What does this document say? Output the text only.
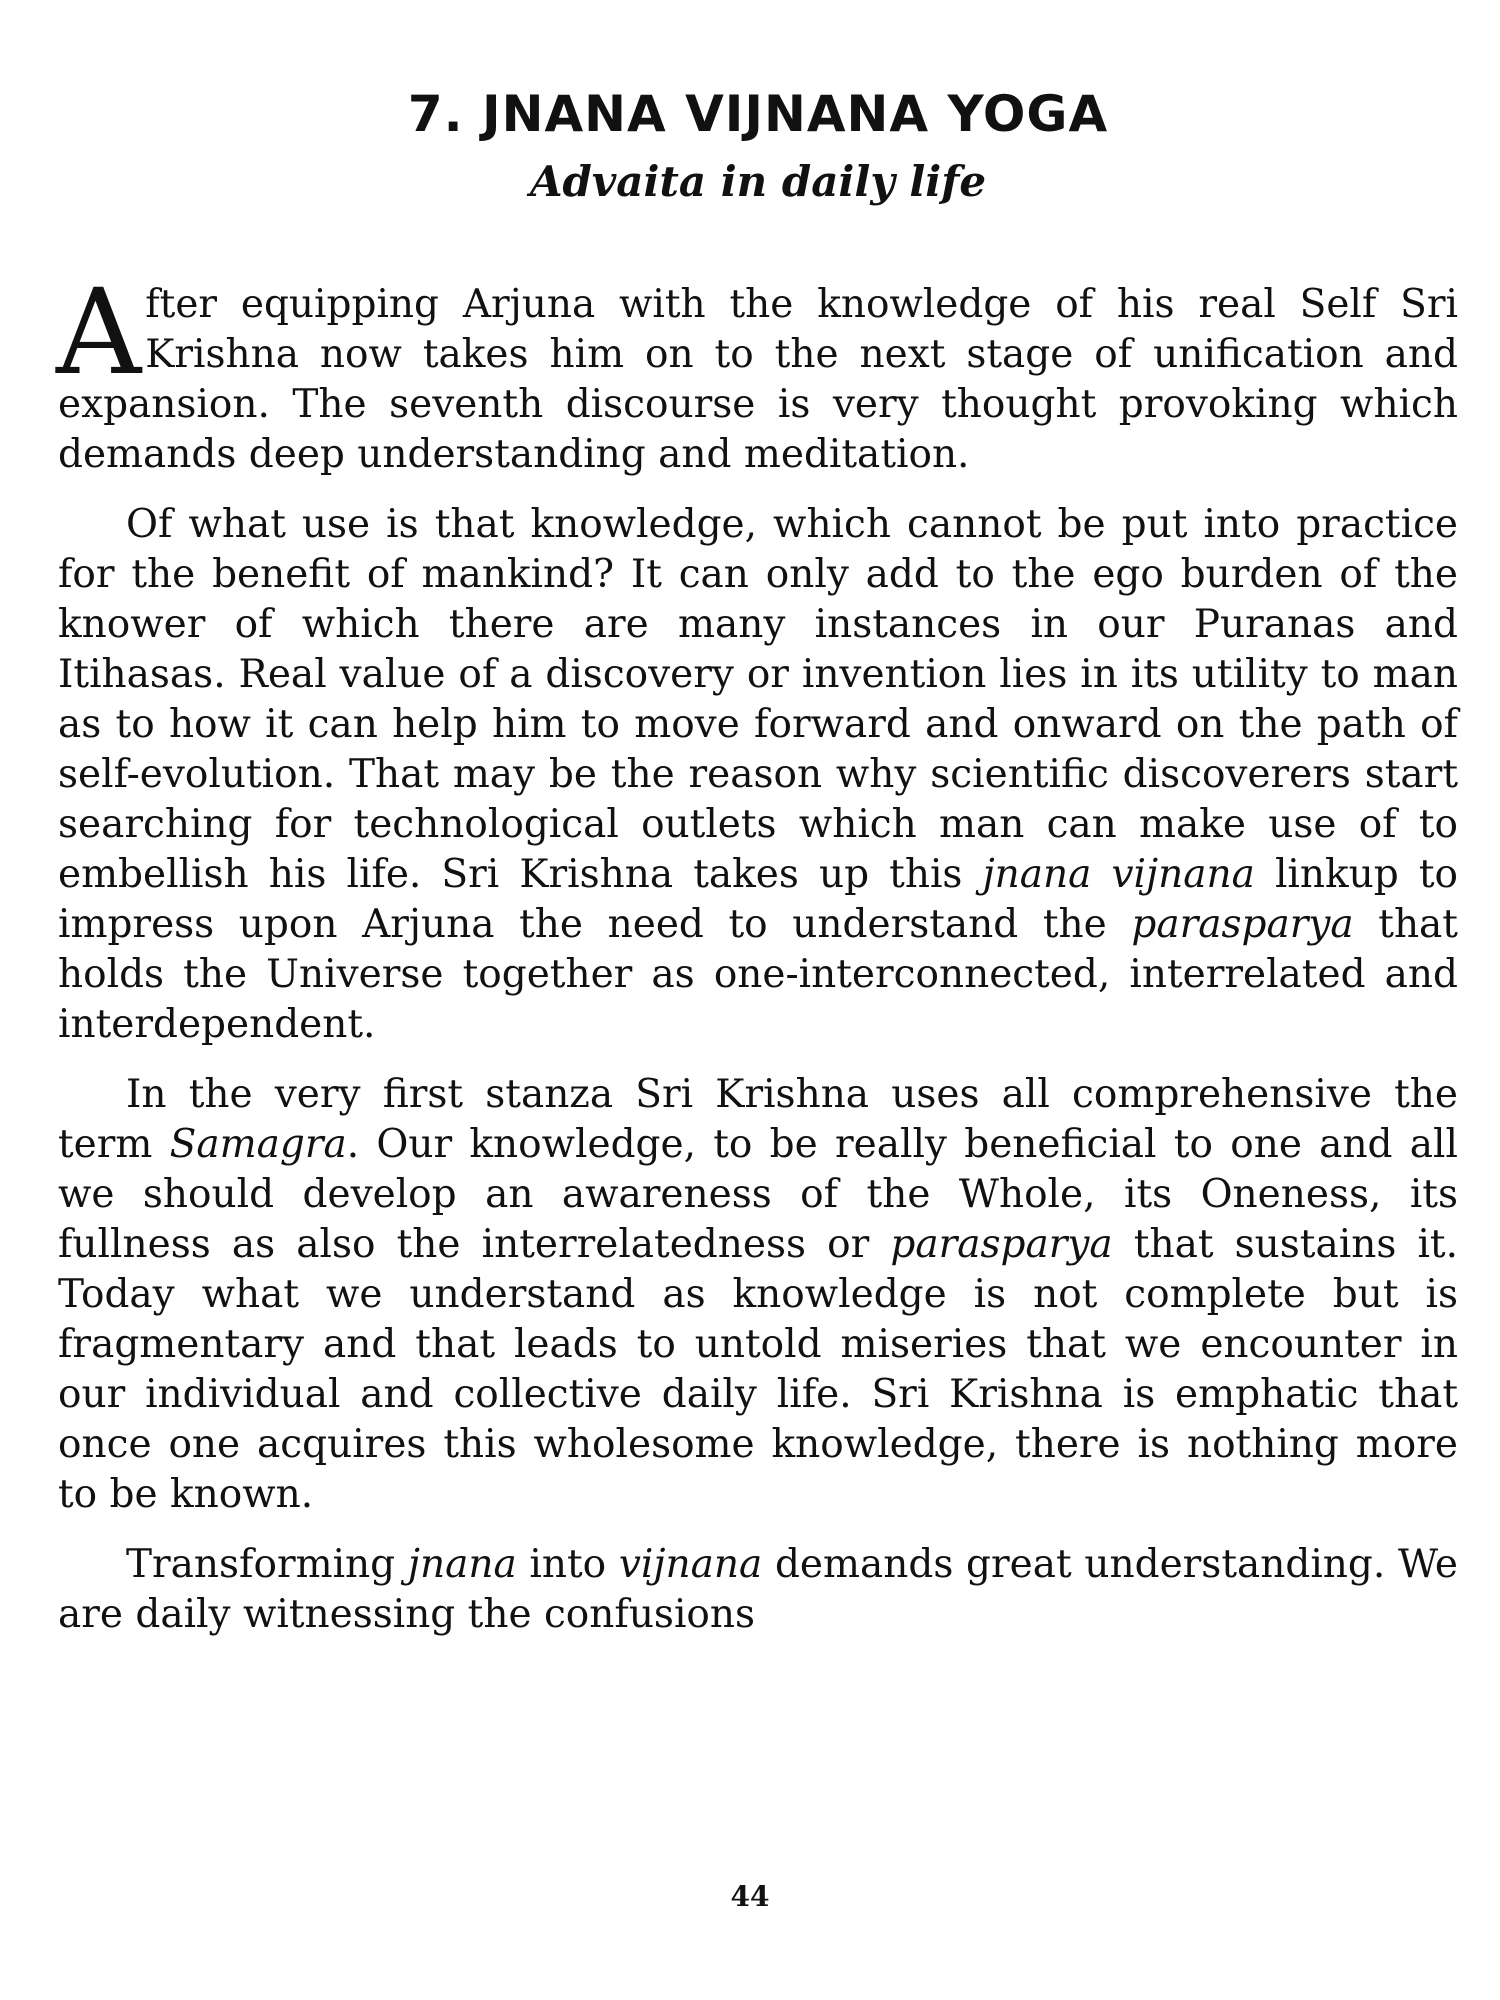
7. JNANA VIJNANA YOGA
Advaita in daily life

After equipping Arjuna with the knowledge of his real Self Sri Krishna now takes him on to the next stage of unification and expansion. The seventh discourse is very thought provoking which demands deep understanding and meditation.

Of what use is that knowledge, which cannot be put into practice for the benefit of mankind? It can only add to the ego burden of the knower of which there are many instances in our Puranas and Itihasas. Real value of a discovery or invention lies in its utility to man as to how it can help him to move forward and onward on the path of self-evolution. That may be the reason why scientific discoverers start searching for technological outlets which man can make use of to embellish his life. Sri Krishna takes up this jnana vijnana linkup to impress upon Arjuna the need to understand the parasparya that holds the Universe together as one-interconnected, interrelated and interdependent.

In the very first stanza Sri Krishna uses all comprehensive the term Samagra. Our knowledge, to be really beneficial to one and all we should develop an awareness of the Whole, its Oneness, its fullness as also the interrelatedness or parasparya that sustains it. Today what we understand as knowledge is not complete but is fragmentary and that leads to untold miseries that we encounter in our individual and collective daily life. Sri Krishna is emphatic that once one acquires this wholesome knowledge, there is nothing more to be known.

Transforming jnana into vijnana demands great understanding. We are daily witnessing the confusions

44
